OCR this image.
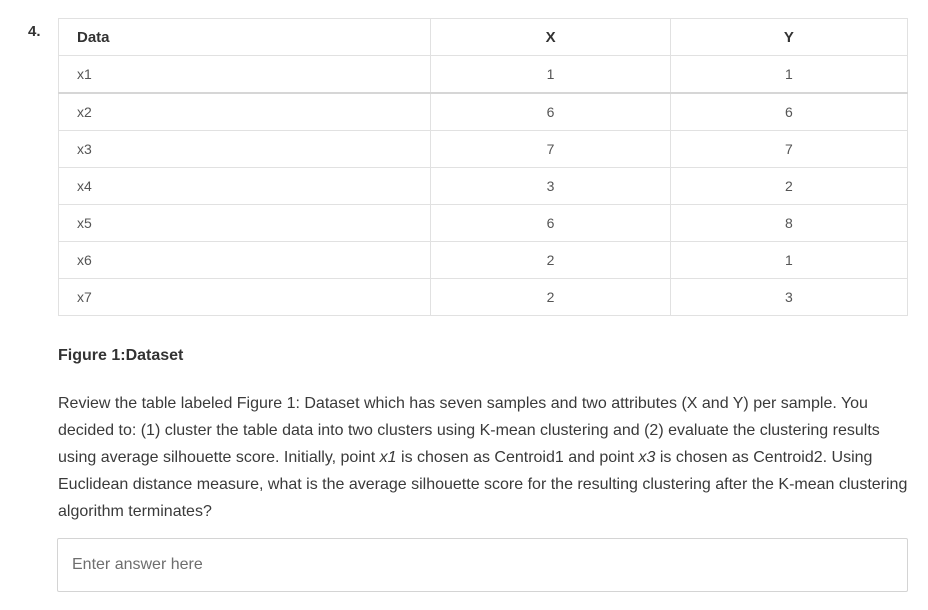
4. Data	X	Y
x1	1	1
x2	6	6
x3	7	7
x4	3	2
x5	6	8
x6	2	1
x7	2	3
Figure 1:Dataset

Review the table labeled Figure 1: Dataset which has seven samples and two attributes (X and Y) per sample. You decided to: (1) cluster the table data into two clusters using K-mean clustering and (2) evaluate the clustering results using average silhouette score. Initially, point x1 is chosen as Centroid1 and point x3 is chosen as Centroid2. Using Euclidean distance measure, what is the average silhouette score for the resulting clustering after the K-mean clustering algorithm terminates?

Enter answer here
